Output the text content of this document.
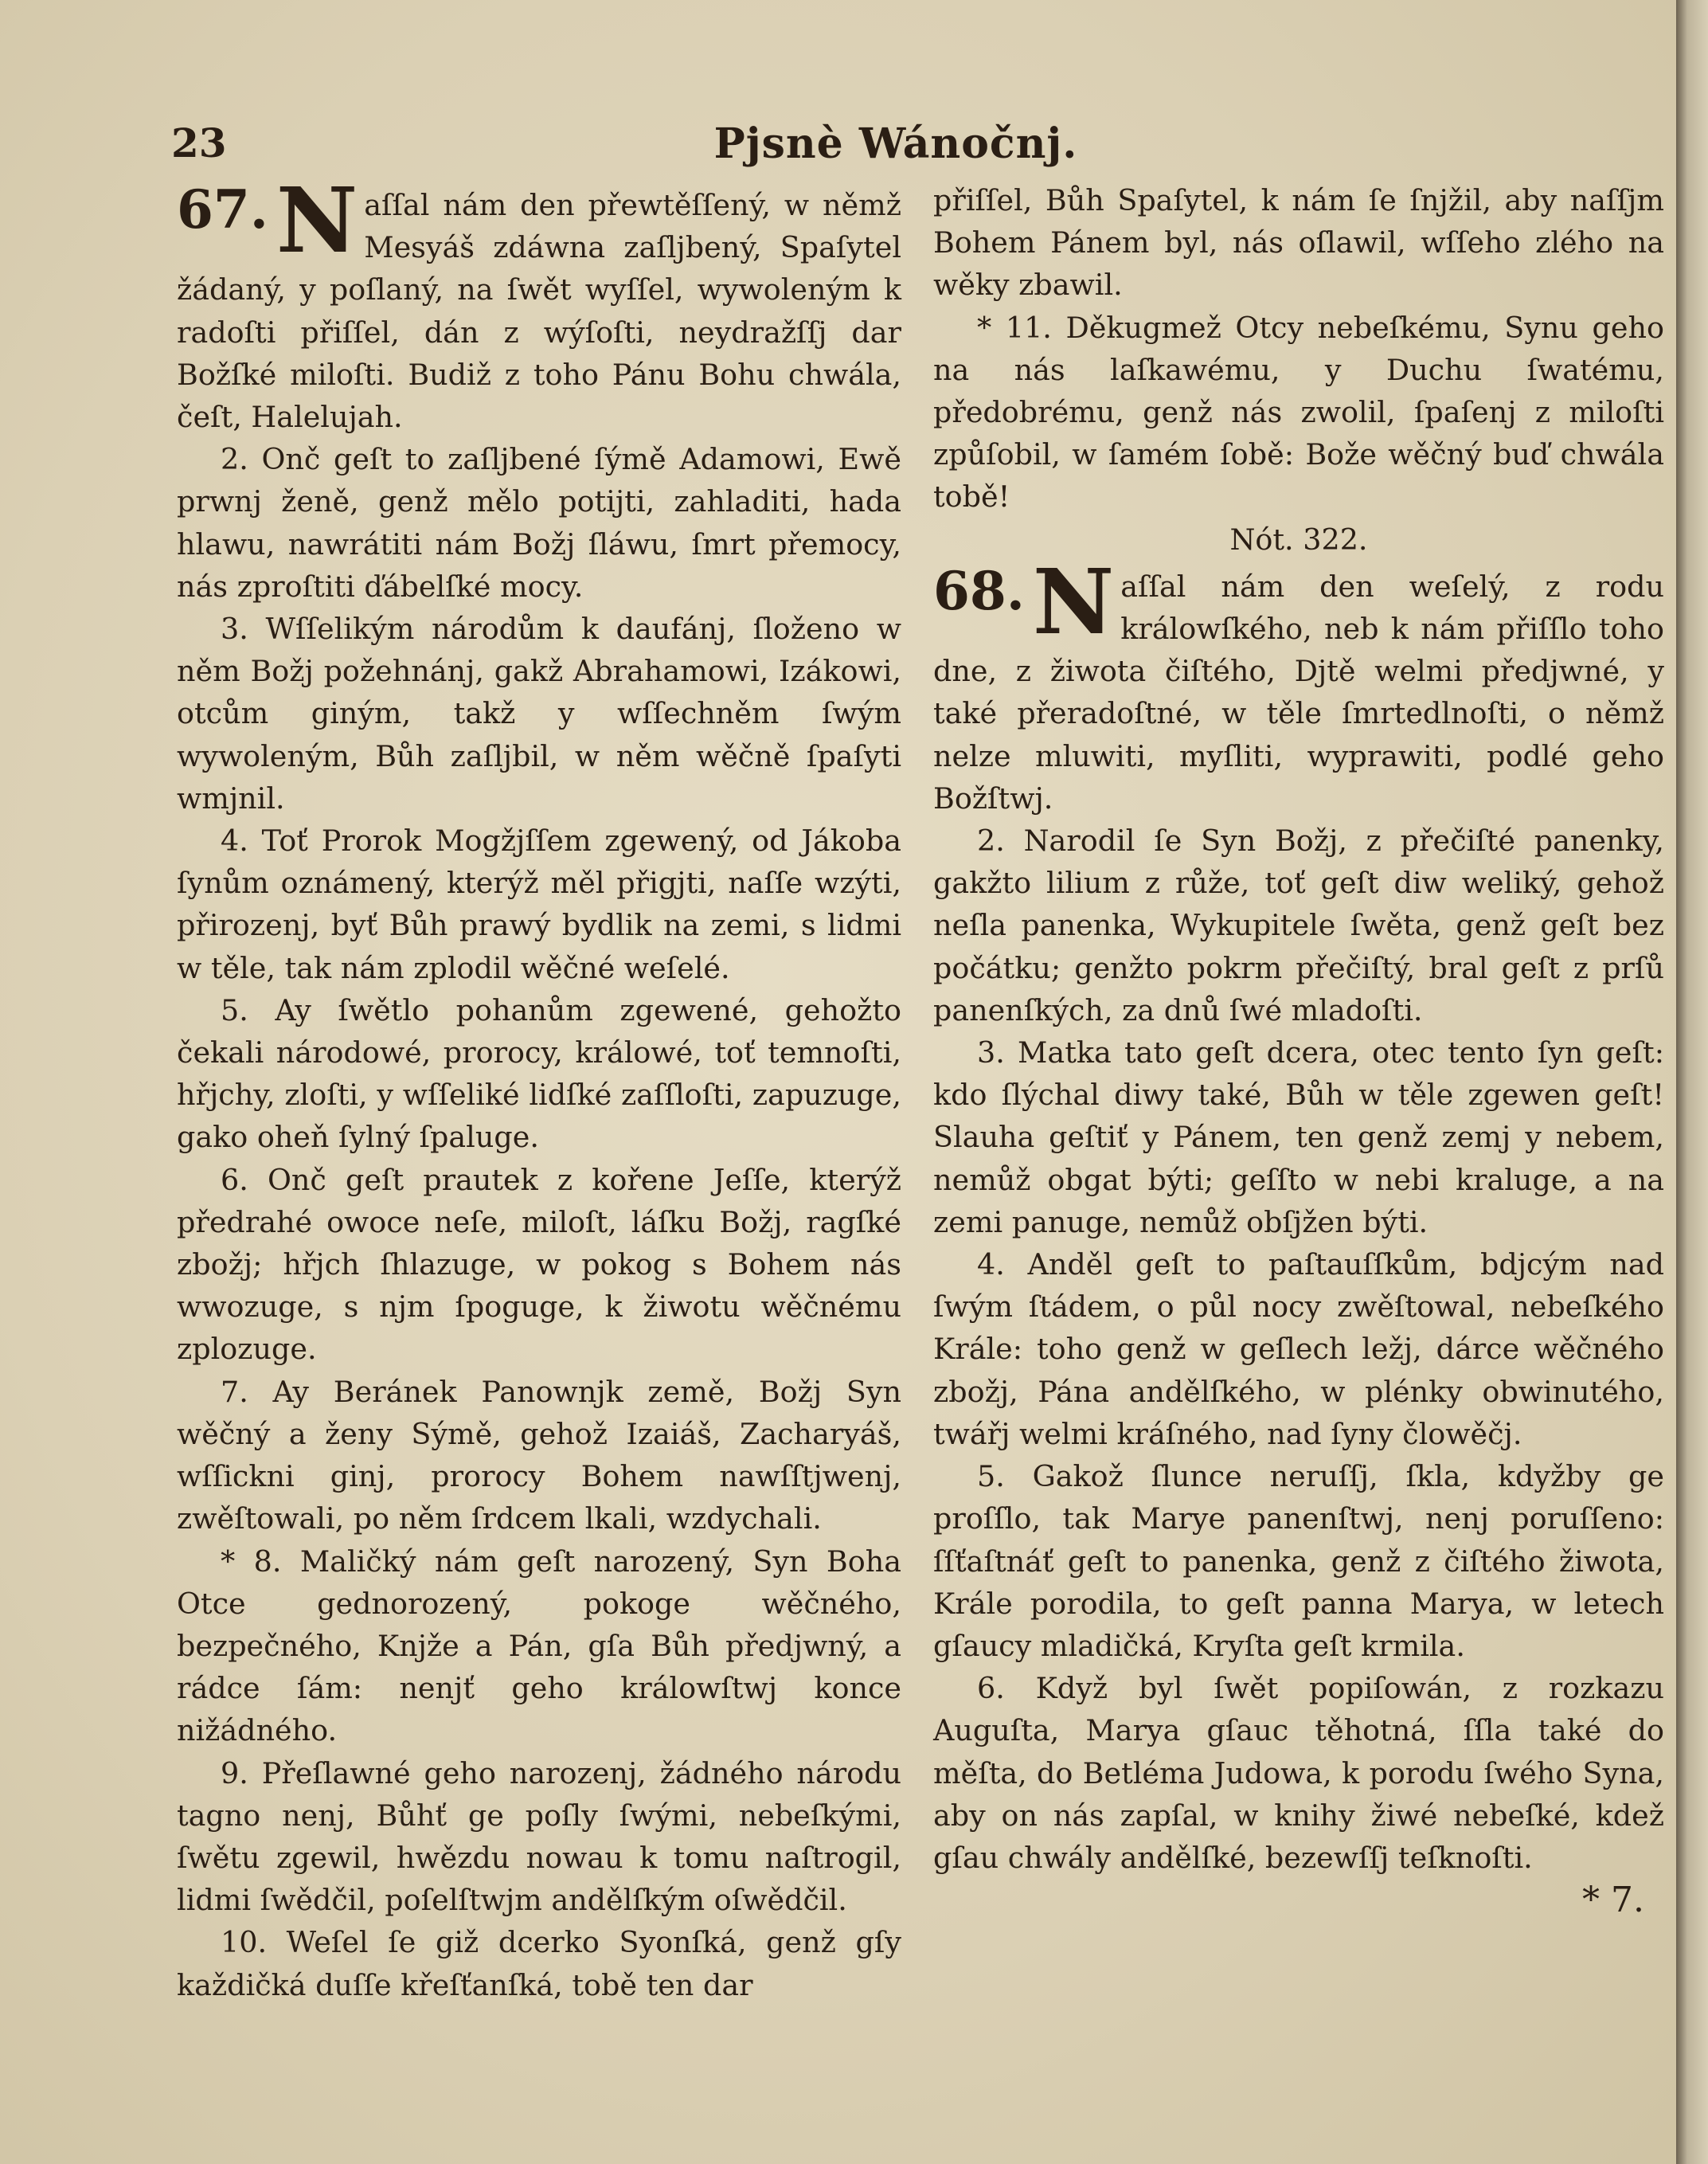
23	Pjsnè Wánočnj.
67. N aſſal nám den přewtěſſený, w němž Mesyáš zdáwna zaſljbený, Spaſytel žádaný, y poſlaný, na ſwět wyſſel, wywoleným k radoſti přiſſel, dán z wýſoſti, neydražſſj dar Božſké miloſti. Budiž z toho Pánu Bohu chwála, čeſt, Halelujah.

2. Onč geſt to zaſljbené ſýmě Adamowi, Ewě prwnj ženě, genž mělo potijti, zahladiti, hada hlawu, nawrátiti nám Božj ſláwu, ſmrt přemocy, nás zproſtiti ďábelſké mocy.

3. Wſſelikým národům k daufánj, ſloženo w něm Božj požehnánj, gakž Abrahamowi, Izákowi, otcům giným, takž y wſſechněm ſwým wywoleným, Bůh zaſljbil, w něm wěčně ſpaſyti wmjnil.

4. Toť Prorok Mogžjſſem zgewený, od Jákoba ſynům oznámený, kterýž měl přigjti, naſſe wzýti, přirozenj, byť Bůh prawý bydlik na zemi, s lidmi w těle, tak nám zplodil wěčné weſelé.

5. Ay ſwětlo pohanům zgewené, gehožto čekali národowé, prorocy, králowé, toť temnoſti, hřjchy, zloſti, y wſſeliké lidſké zaſſloſti, zapuzuge, gako oheň ſylný ſpaluge.

6. Onč geſt prautek z kořene Jeſſe, kterýž předrahé owoce neſe, miloſt, láſku Božj, ragſké zbožj; hřjch ſhlazuge, w pokog s Bohem nás wwozuge, s njm ſpoguge, k žiwotu wěčnému zplozuge.

7. Ay Beránek Panownjk země, Božj Syn wěčný a ženy Sýmě, gehož Izaiáš, Zacharyáš, wſſickni ginj, prorocy Bohem nawſſtjwenj, zwěſtowali, po něm ſrdcem lkali, wzdychali.

* 8. Maličký nám geſt narozený, Syn Boha Otce gednorozený, pokoge wěčného, bezpečného, Knjže a Pán, gſa Bůh předjwný, a rádce ſám: nenjť geho králowſtwj konce nižádného.

9. Přeſlawné geho narozenj, žádného národu tagno nenj, Bůhť ge poſly ſwými, nebeſkými, ſwětu zgewil, hwězdu nowau k tomu naſtrogil, lidmi ſwědčil, poſelſtwjm andělſkým oſwědčil.

10. Weſel ſe giž dcerko Syonſká, genž gſy každičká duſſe křeſťanſká, tobě ten dar

přiſſel, Bůh Spaſytel, k nám ſe ſnjžil, aby naſſjm Bohem Pánem byl, nás oſlawil, wſſeho zlého na wěky zbawil.

* 11. Děkugmež Otcy nebeſkému, Synu geho na nás laſkawému, y Duchu ſwatému, předobrému, genž nás zwolil, ſpaſenj z miloſti způſobil, w ſamém ſobě: Bože wěčný buď chwála tobě!

Nót. 322.

68. N aſſal nám den weſelý, z rodu králowſkého, neb k nám přiſſlo toho dne, z žiwota čiſtého, Djtě welmi předjwné, y také přeradoſtné, w těle ſmrtedlnoſti, o němž nelze mluwiti, myſliti, wyprawiti, podlé geho Božſtwj.

2. Narodil ſe Syn Božj, z přečiſté panenky, gakžto lilium z růže, toť geſt diw weliký, gehož neſla panenka, Wykupitele ſwěta, genž geſt bez počátku; genžto pokrm přečiſtý, bral geſt z prſů panenſkých, za dnů ſwé mladoſti.

3. Matka tato geſt dcera, otec tento ſyn geſt: kdo ſlýchal diwy také, Bůh w těle zgewen geſt! Slauha geſtiť y Pánem, ten genž zemj y nebem, nemůž obgat býti; geſſto w nebi kraluge, a na zemi panuge, nemůž obſjžen býti.

4. Anděl geſt to paſtauſſkům, bdjcým nad ſwým ſtádem, o půl nocy zwěſtowal, nebeſkého Krále: toho genž w geſlech ležj, dárce wěčného zbožj, Pána andělſkého, w plénky obwinutého, twářj welmi kráſného, nad ſyny člowěčj.

5. Gakož ſlunce neruſſj, ſkla, kdyžby ge proſſlo, tak Marye panenſtwj, nenj poruſſeno: ſſťaſtnáť geſt to panenka, genž z čiſtého žiwota, Krále porodila, to geſt panna Marya, w letech gſaucy mladičká, Kryſta geſt krmila.

6. Když byl ſwět popiſowán, z rozkazu Auguſta, Marya gſauc těhotná, ſſla také do měſta, do Betléma Judowa, k porodu ſwého Syna, aby on nás zapſal, w knihy žiwé nebeſké, kdež gſau chwály andělſké, bezewſſj teſknoſti.

* 7.
